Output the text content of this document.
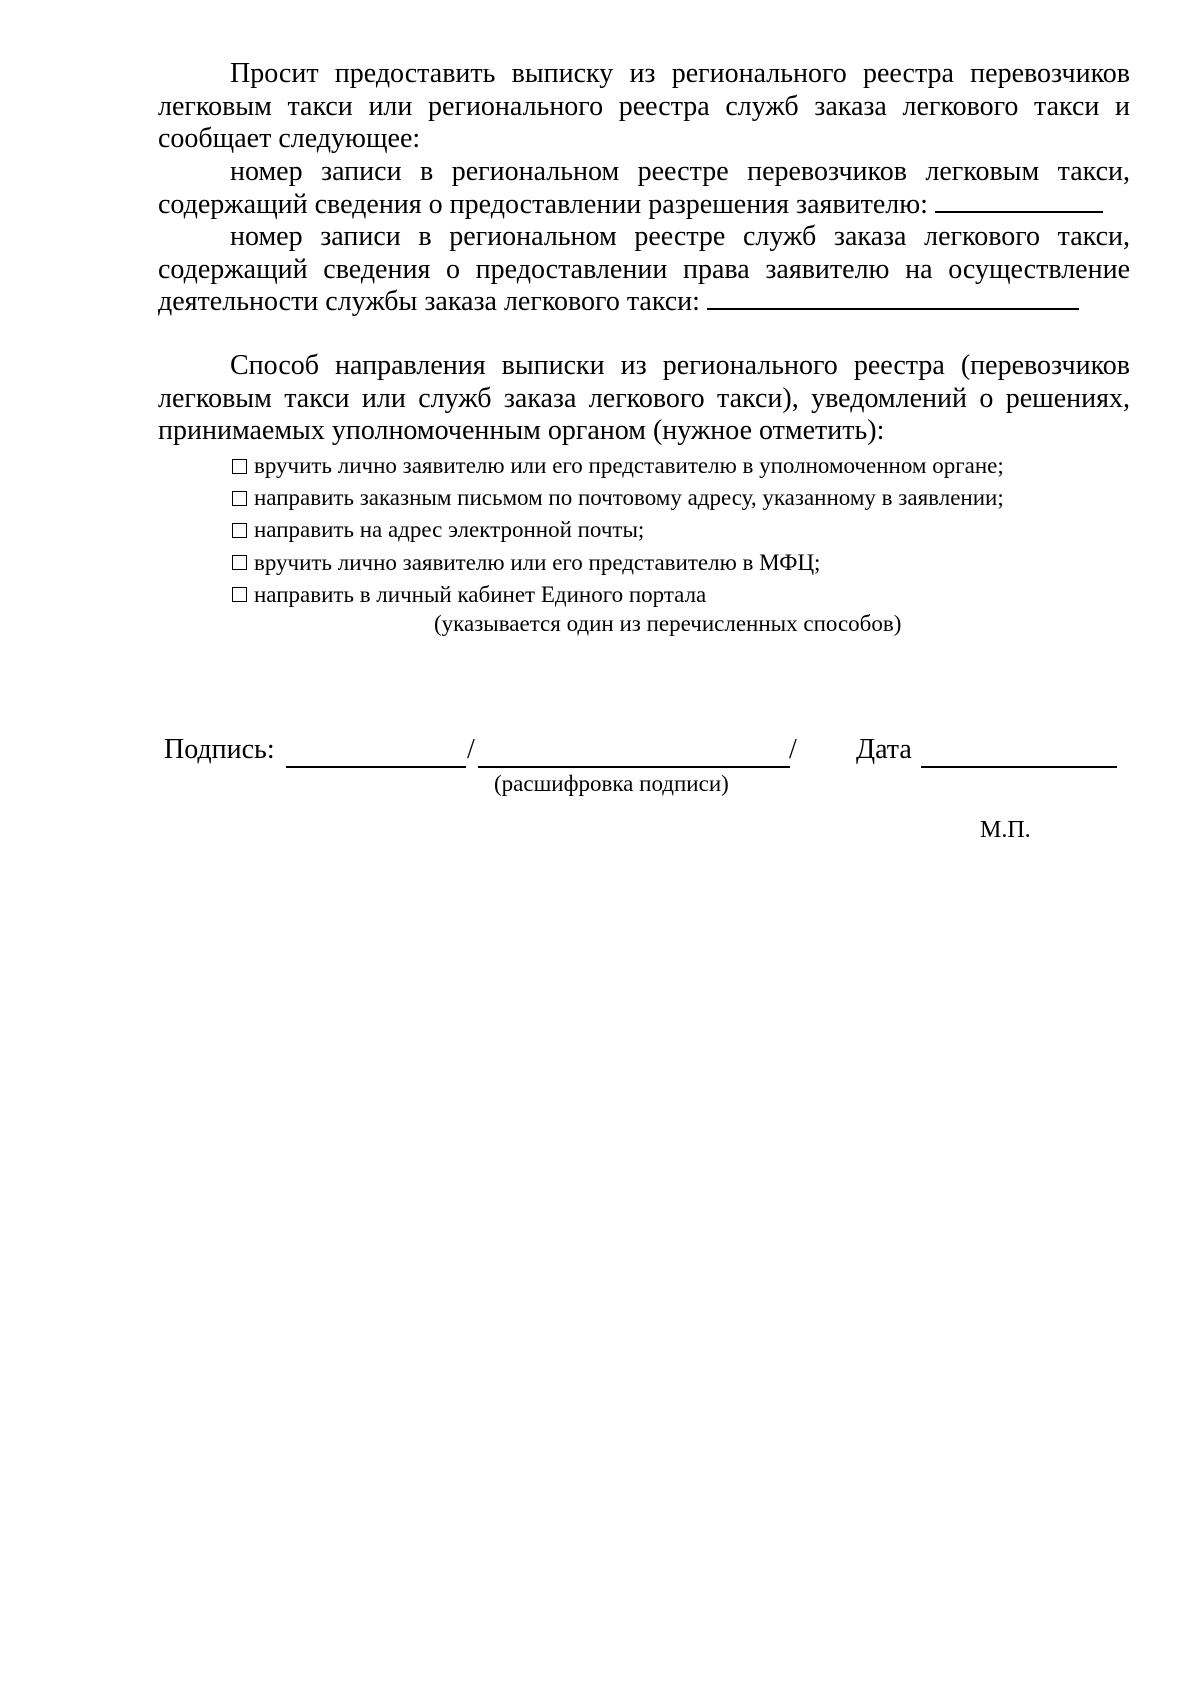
Просит предоставить выписку из регионального реестра перевозчиков легковым такси или регионального реестра служб заказа легкового такси и сообщает следующее:

номер записи в региональном реестре перевозчиков легковым такси, содержащий сведения о предоставлении разрешения заявителю:

номер записи в региональном реестре служб заказа легкового такси, содержащий сведения о предоставлении права заявителю на осуществление деятельности службы заказа легкового такси:

Способ направления выписки из регионального реестра (перевозчиков легковым такси или служб заказа легкового такси), уведомлений о решениях, принимаемых уполномоченным органом (нужное отметить):

вручить лично заявителю или его представителю в уполномоченном органе;
направить заказным письмом по почтовому адресу, указанному в заявлении;
направить на адрес электронной почты;
вручить лично заявителю или его представителю в МФЦ;
направить в личный кабинет Единого портала
(указывается один из перечисленных способов)
Подпись:	/	/ Дата
(расшифровка подписи)
М.П.
